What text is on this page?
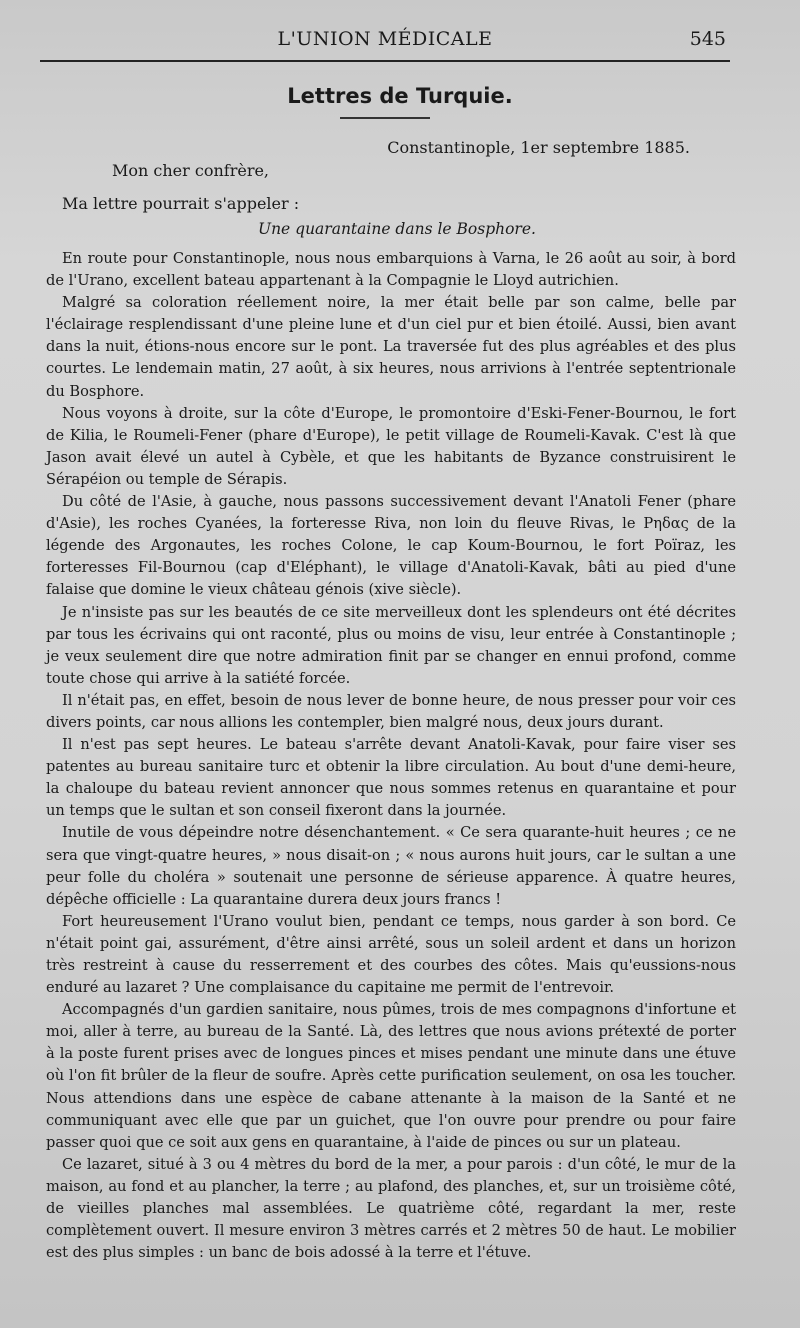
L'UNION MÉDICALE	545
Lettres de Turquie.
Constantinople, 1er septembre 1885.
Mon cher confrère,
Ma lettre pourrait s'appeler :
Une quarantaine dans le Bosphore.

En route pour Constantinople, nous nous embarquions à Varna, le 26 août au soir, à bord de l'Urano, excellent bateau appartenant à la Compagnie le Lloyd autrichien.

Malgré sa coloration réellement noire, la mer était belle par son calme, belle par l'éclairage resplendissant d'une pleine lune et d'un ciel pur et bien étoilé. Aussi, bien avant dans la nuit, étions-nous encore sur le pont. La traversée fut des plus agréables et des plus courtes. Le lendemain matin, 27 août, à six heures, nous arrivions à l'entrée septentrionale du Bosphore.

Nous voyons à droite, sur la côte d'Europe, le promontoire d'Eski-Fener-Bournou, le fort de Kilia, le Roumeli-Fener (phare d'Europe), le petit village de Roumeli-Kavak. C'est là que Jason avait élevé un autel à Cybèle, et que les habitants de Byzance construisirent le Sérapéion ou temple de Sérapis.

Du côté de l'Asie, à gauche, nous passons successivement devant l'Anatoli Fener (phare d'Asie), les roches Cyanées, la forteresse Riva, non loin du fleuve Rivas, le Pηδας de la légende des Argonautes, les roches Colone, le cap Koum-Bournou, le fort Poïraz, les forteresses Fil-Bournou (cap d'Eléphant), le village d'Anatoli-Kavak, bâti au pied d'une falaise que domine le vieux château génois (xive siècle).

Je n'insiste pas sur les beautés de ce site merveilleux dont les splendeurs ont été décrites par tous les écrivains qui ont raconté, plus ou moins de visu, leur entrée à Constantinople ; je veux seulement dire que notre admiration finit par se changer en ennui profond, comme toute chose qui arrive à la satiété forcée.

Il n'était pas, en effet, besoin de nous lever de bonne heure, de nous presser pour voir ces divers points, car nous allions les contempler, bien malgré nous, deux jours durant.

Il n'est pas sept heures. Le bateau s'arrête devant Anatoli-Kavak, pour faire viser ses patentes au bureau sanitaire turc et obtenir la libre circulation. Au bout d'une demi-heure, la chaloupe du bateau revient annoncer que nous sommes retenus en quarantaine et pour un temps que le sultan et son conseil fixeront dans la journée.

Inutile de vous dépeindre notre désenchantement. « Ce sera quarante-huit heures ; ce ne sera que vingt-quatre heures, » nous disait-on ; « nous aurons huit jours, car le sultan a une peur folle du choléra » soutenait une personne de sérieuse apparence. À quatre heures, dépêche officielle : La quarantaine durera deux jours francs !

Fort heureusement l'Urano voulut bien, pendant ce temps, nous garder à son bord. Ce n'était point gai, assurément, d'être ainsi arrêté, sous un soleil ardent et dans un horizon très restreint à cause du resserrement et des courbes des côtes. Mais qu'eussions-nous enduré au lazaret ? Une complaisance du capitaine me permit de l'entrevoir.

Accompagnés d'un gardien sanitaire, nous pûmes, trois de mes compagnons d'infortune et moi, aller à terre, au bureau de la Santé. Là, des lettres que nous avions prétexté de porter à la poste furent prises avec de longues pinces et mises pendant une minute dans une étuve où l'on fit brûler de la fleur de soufre. Après cette purification seulement, on osa les toucher. Nous attendions dans une espèce de cabane attenante à la maison de la Santé et ne communiquant avec elle que par un guichet, que l'on ouvre pour prendre ou pour faire passer quoi que ce soit aux gens en quarantaine, à l'aide de pinces ou sur un plateau.

Ce lazaret, situé à 3 ou 4 mètres du bord de la mer, a pour parois : d'un côté, le mur de la maison, au fond et au plancher, la terre ; au plafond, des planches, et, sur un troisième côté, de vieilles planches mal assemblées. Le quatrième côté, regardant la mer, reste complètement ouvert. Il mesure environ 3 mètres carrés et 2 mètres 50 de haut. Le mobilier est des plus simples : un banc de bois adossé à la terre et l'étuve.
